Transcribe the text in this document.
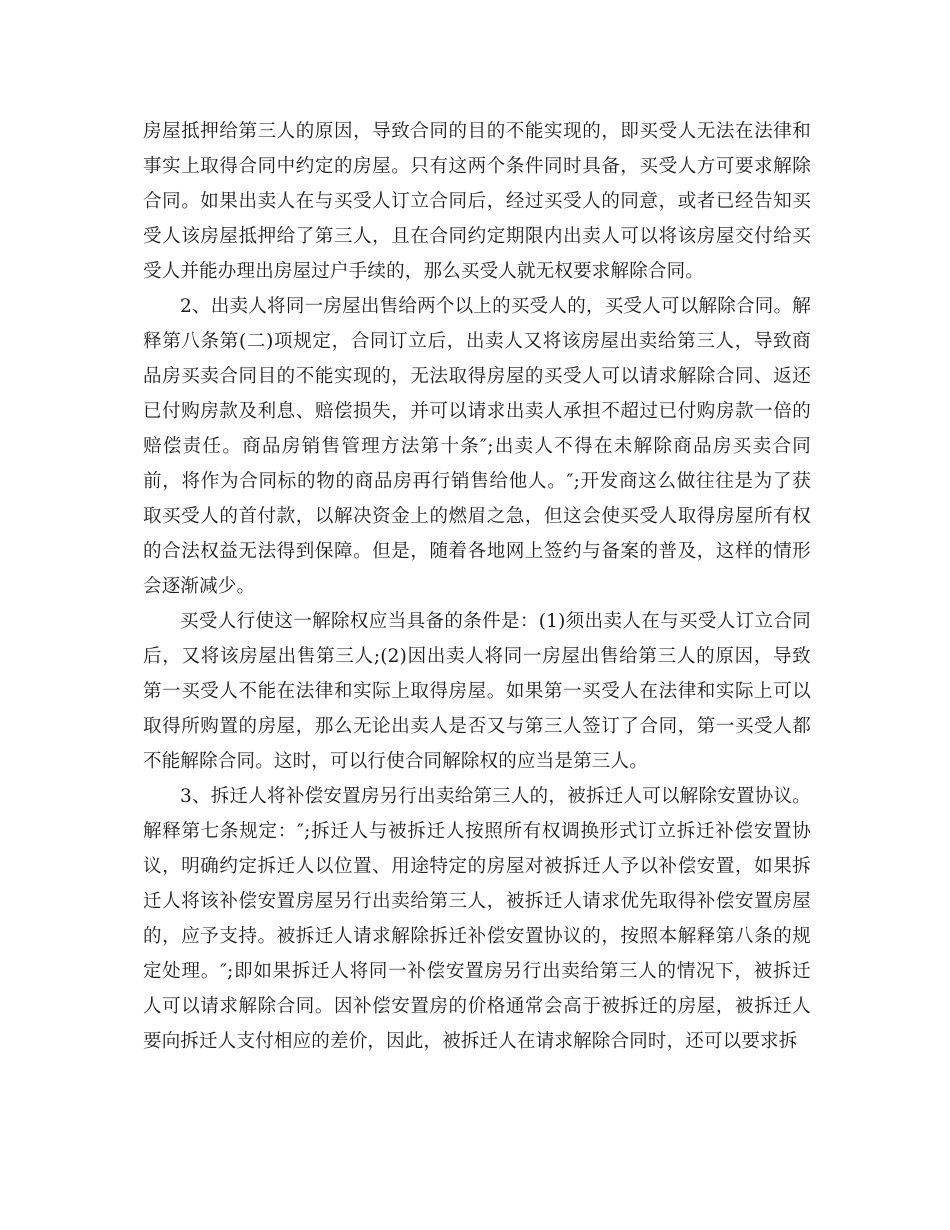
房屋抵押给第三人的原因，导致合同的目的不能实现的，即买受人无法在法律和事实上取得合同中约定的房屋。只有这两个条件同时具备，买受人方可要求解除合同。如果出卖人在与买受人订立合同后，经过买受人的同意，或者已经告知买受人该房屋抵押给了第三人，且在合同约定期限内出卖人可以将该房屋交付给买受人并能办理出房屋过户手续的，那么买受人就无权要求解除合同。

2、出卖人将同一房屋出售给两个以上的买受人的，买受人可以解除合同。解释第八条第(二)项规定，合同订立后，出卖人又将该房屋出卖给第三人，导致商品房买卖合同目的不能实现的，无法取得房屋的买受人可以请求解除合同、返还已付购房款及利息、赔偿损失，并可以请求出卖人承担不超过已付购房款一倍的赔偿责任。商品房销售管理方法第十条″;出卖人不得在未解除商品房买卖合同前，将作为合同标的物的商品房再行销售给他人。″;开发商这么做往往是为了获取买受人的首付款，以解决资金上的燃眉之急，但这会使买受人取得房屋所有权的合法权益无法得到保障。但是，随着各地网上签约与备案的普及，这样的情形会逐渐减少。

买受人行使这一解除权应当具备的条件是：(1)须出卖人在与买受人订立合同后，又将该房屋出售第三人;(2)因出卖人将同一房屋出售给第三人的原因，导致第一买受人不能在法律和实际上取得房屋。如果第一买受人在法律和实际上可以取得所购置的房屋，那么无论出卖人是否又与第三人签订了合同，第一买受人都不能解除合同。这时，可以行使合同解除权的应当是第三人。

3、拆迁人将补偿安置房另行出卖给第三人的，被拆迁人可以解除安置协议。解释第七条规定：″;拆迁人与被拆迁人按照所有权调换形式订立拆迁补偿安置协议，明确约定拆迁人以位置、用途特定的房屋对被拆迁人予以补偿安置，如果拆迁人将该补偿安置房屋另行出卖给第三人，被拆迁人请求优先取得补偿安置房屋的，应予支持。被拆迁人请求解除拆迁补偿安置协议的，按照本解释第八条的规定处理。″;即如果拆迁人将同一补偿安置房另行出卖给第三人的情况下，被拆迁人可以请求解除合同。因补偿安置房的价格通常会高于被拆迁的房屋，被拆迁人要向拆迁人支付相应的差价，因此，被拆迁人在请求解除合同时，还可以要求拆
